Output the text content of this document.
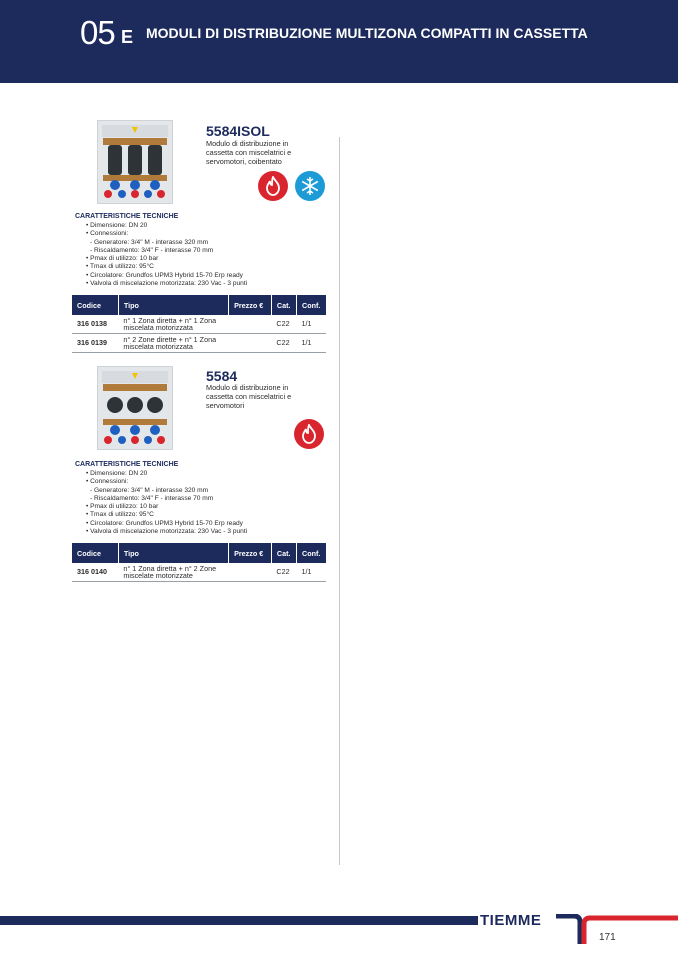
05 E MODULI DI DISTRIBUZIONE MULTIZONA COMPATTI IN CASSETTA
5584ISOL
Modulo di distribuzione in
cassetta con miscelatrici e
servomotori, coibentato
CARATTERISTICHE TECNICHE
• Dimensione: DN 20
• Connessioni:
- Generatore: 3/4" M - interasse 320 mm
- Riscaldamento: 3/4" F - interasse 70 mm
• Pmax di utilizzo: 10 bar
• Tmax di utilizzo: 95°C
• Circolatore: Grundfos UPM3 Hybrid 15-70 Erp ready
• Valvola di miscelazione motorizzata: 230 Vac - 3 punti
Codice	Tipo	Prezzo €	Cat.	Conf.
316 0138	n° 1 Zona diretta + n° 1 Zona
miscelata motorizzata		C22	1/1
316 0139	n° 2 Zone dirette + n° 1 Zona
miscelata motorizzata		C22	1/1
5584
Modulo di distribuzione in
cassetta con miscelatrici e
servomotori
CARATTERISTICHE TECNICHE
• Dimensione: DN 20
• Connessioni:
- Generatore: 3/4" M - interasse 320 mm
- Riscaldamento: 3/4" F - interasse 70 mm
• Pmax di utilizzo: 10 bar
• Tmax di utilizzo: 95°C
• Circolatore: Grundfos UPM3 Hybrid 15-70 Erp ready
• Valvola di miscelazione motorizzata: 230 Vac - 3 punti
Codice	Tipo	Prezzo €	Cat.	Conf.
316 0140	n° 1 Zona diretta + n° 2 Zone
miscelate motorizzate		C22	1/1
TIEMME
171
